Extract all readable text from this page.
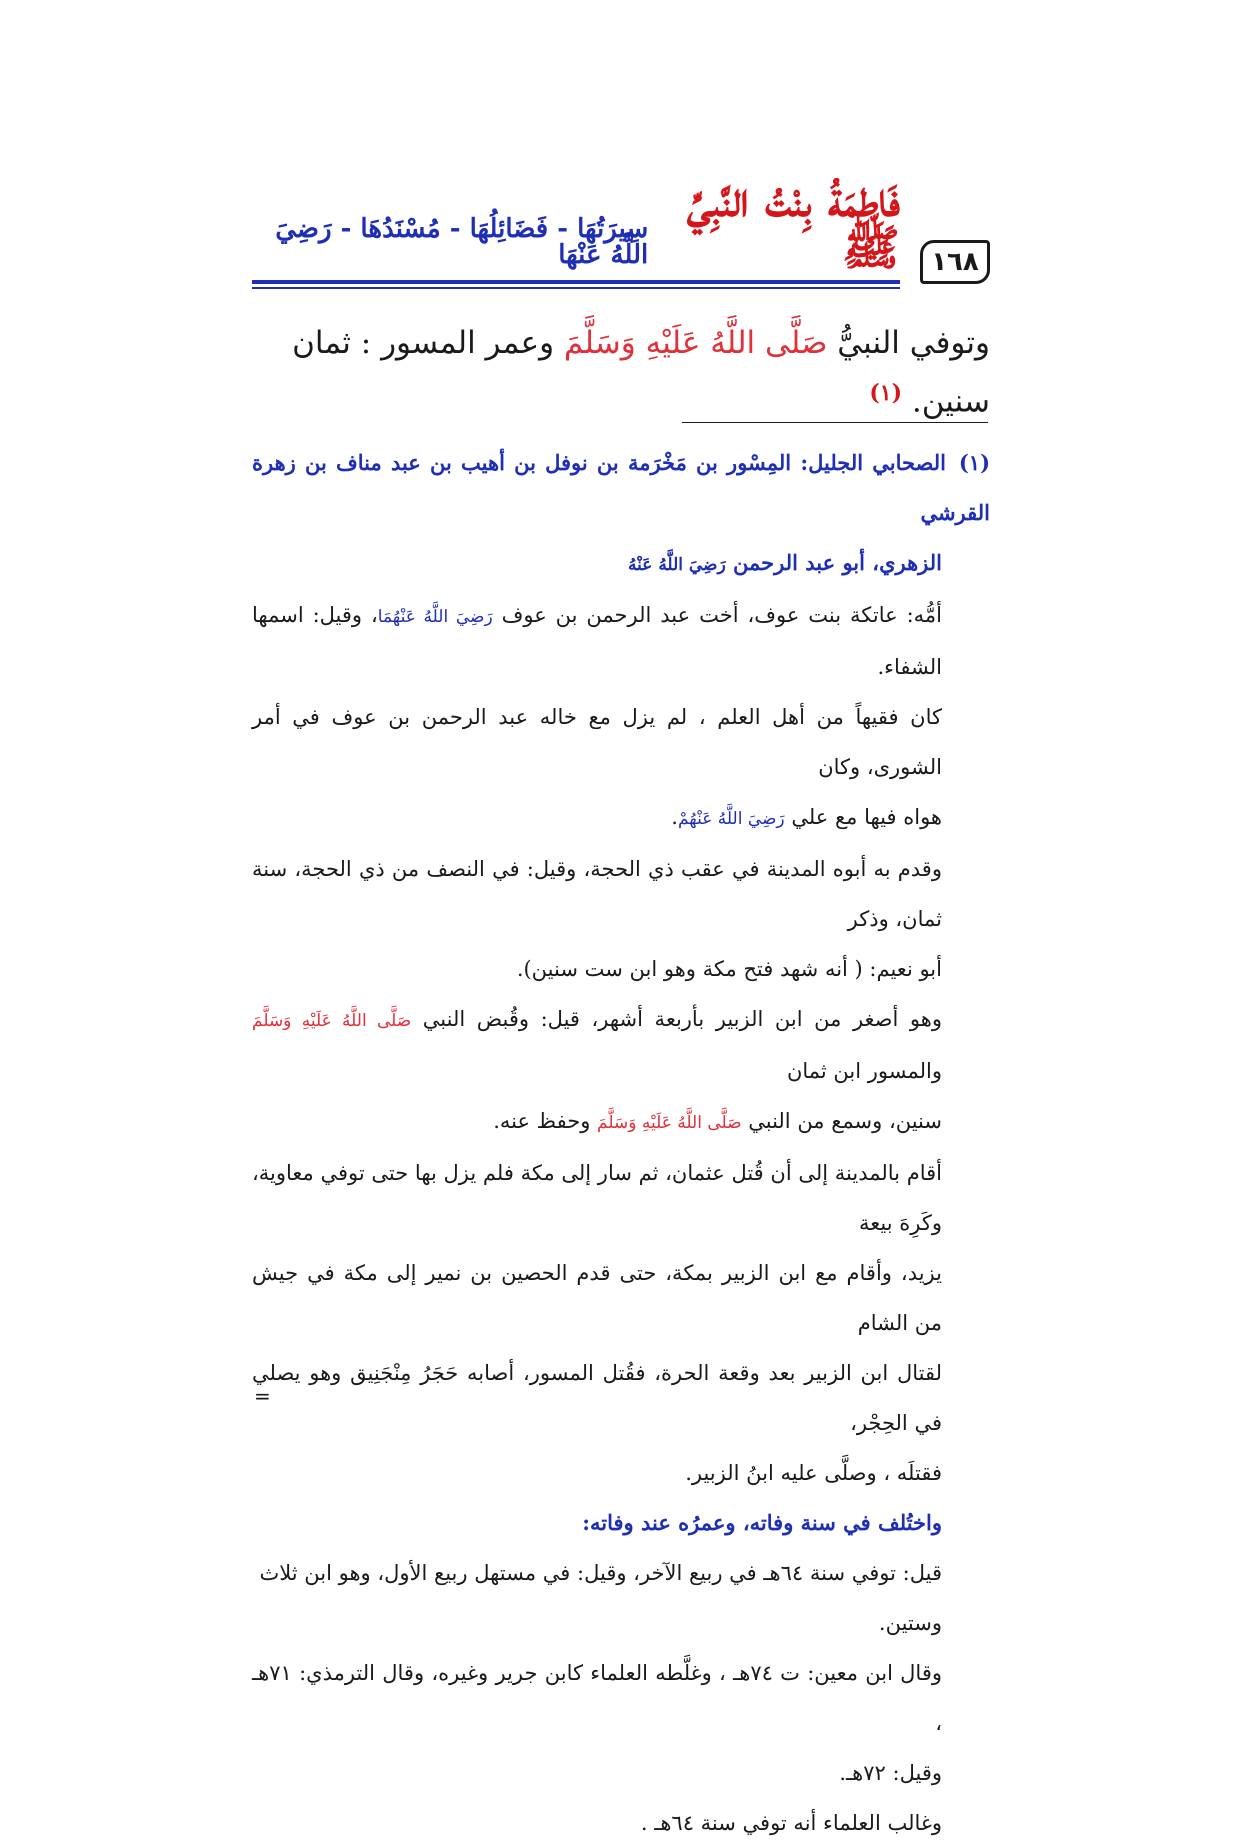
١٦٨
فَاطِمَةُ بِنْتُ النَّبِيِّ ﷺ
سِيرَتُهَا - فَضَائِلُهَا - مُسْنَدُهَا - رَضِيَ اللَّهُ عَنْهَا
وتوفي النبيُّ صَلَّى اللَّهُ عَلَيْهِ وَسَلَّمَ وعمر المسور : ثمان سنين. $^{(١)}$

(١)الصحابي الجليل: المِسْور بن مَخْرَمة بن نوفل بن أهيب بن عبد مناف بن زهرة القرشي

الزهري، أبو عبد الرحمن رَضِيَ اللَّهُ عَنْهُ

أمُّه: عاتكة بنت عوف، أخت عبد الرحمن بن عوف رَضِيَ اللَّهُ عَنْهُمَا، وقيل: اسمها الشفاء.

كان فقيهاً من أهل العلم ، لم يزل مع خاله عبد الرحمن بن عوف في أمر الشورى، وكان

هواه فيها مع علي رَضِيَ اللَّهُ عَنْهُمْ.

وقدم به أبوه المدينة في عقب ذي الحجة، وقيل: في النصف من ذي الحجة، سنة ثمان، وذكر

أبو نعيم: ( أنه شهد فتح مكة وهو ابن ست سنين).

وهو أصغر من ابن الزبير بأربعة أشهر، قيل: وقُبض النبي صَلَّى اللَّهُ عَلَيْهِ وَسَلَّمَ والمسور ابن ثمان

سنين، وسمع من النبي صَلَّى اللَّهُ عَلَيْهِ وَسَلَّمَ وحفظ عنه.

أقام بالمدينة إلى أن قُتل عثمان، ثم سار إلى مكة فلم يزل بها حتى توفي معاوية، وكَرِهَ بيعة

يزيد، وأقام مع ابن الزبير بمكة، حتى قدم الحصين بن نمير إلى مكة في جيش من الشام

لقتال ابن الزبير بعد وقعة الحرة، فقُتل المسور، أصابه حَجَرُ مِنْجَنِيق وهو يصلي في الحِجْر،

فقتلَه ، وصلَّى عليه ابنُ الزبير.

واختُلف في سنة وفاته، وعمرُه عند وفاته:

قيل: توفي سنة ٦٤هـ في ربيع الآخر، وقيل: في مستهل ربيع الأول، وهو ابن ثلاث

وستين.

وقال ابن معين: ت ٧٤هـ ، وغلَّطه العلماء كابن جرير وغيره، وقال الترمذي: ٧١هـ ،

وقيل: ٧٢هـ.

وغالب العلماء أنه توفي سنة ٦٤هـ .

=
